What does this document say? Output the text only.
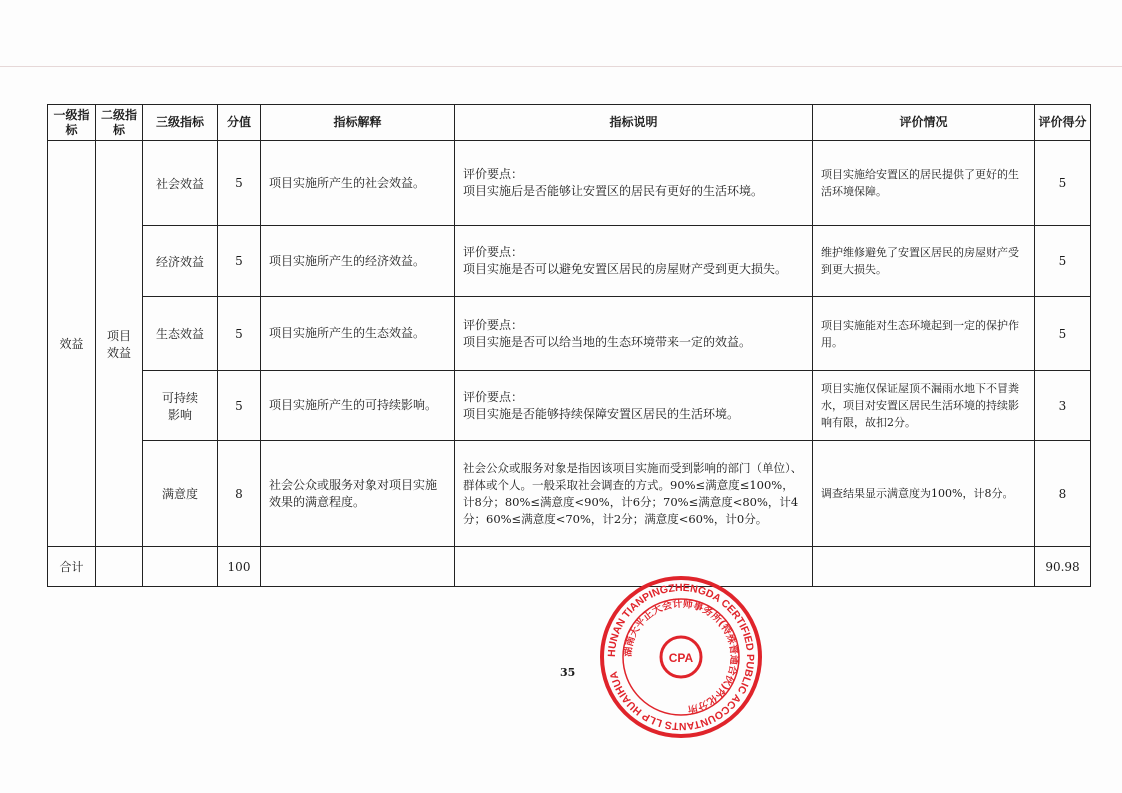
一级指标	二级指标	三级指标	分值	指标解释	指标说明	评价情况	评价得分
效益	项目效益	社会效益	5	项目实施所产生的社会效益。	评价要点：
项目实施后是否能够让安置区的居民有更好的生活环境。	项目实施给安置区的居民提供了更好的生活环境保障。	5
		经济效益	5	项目实施所产生的经济效益。	评价要点：
项目实施是否可以避免安置区居民的房屋财产受到更大损失。	维护维修避免了安置区居民的房屋财产受到更大损失。	5
		生态效益	5	项目实施所产生的生态效益。	评价要点：
项目实施是否可以给当地的生态环境带来一定的效益。	项目实施能对生态环境起到一定的保护作用。	5
		可持续影响	5	项目实施所产生的可持续影响。	评价要点：
项目实施是否能够持续保障安置区居民的生活环境。	项目实施仅保证屋顶不漏雨水地下不冒粪水，项目对安置区居民生活环境的持续影响有限，故扣2分。	3
		满意度	8	社会公众或服务对象对项目实施效果的满意程度。	社会公众或服务对象是指因该项目实施而受到影响的部门（单位）、群体或个人。一般采取社会调查的方式。90%≤满意度≤100%，计8分；80%≤满意度<90%，计6分；70%≤满意度<80%，计4分；60%≤满意度<70%，计2分；满意度<60%，计0分。	调查结果显示满意度为100%，计8分。	8
合计			100				90.98
35
HUNAN TIANPINGZHENGDA CERTIFIED PUBLIC ACCOUNTANTS LLP HUAIHUA
湖南天平正大会计师事务所(特殊普通合伙)怀化分所
CPA
